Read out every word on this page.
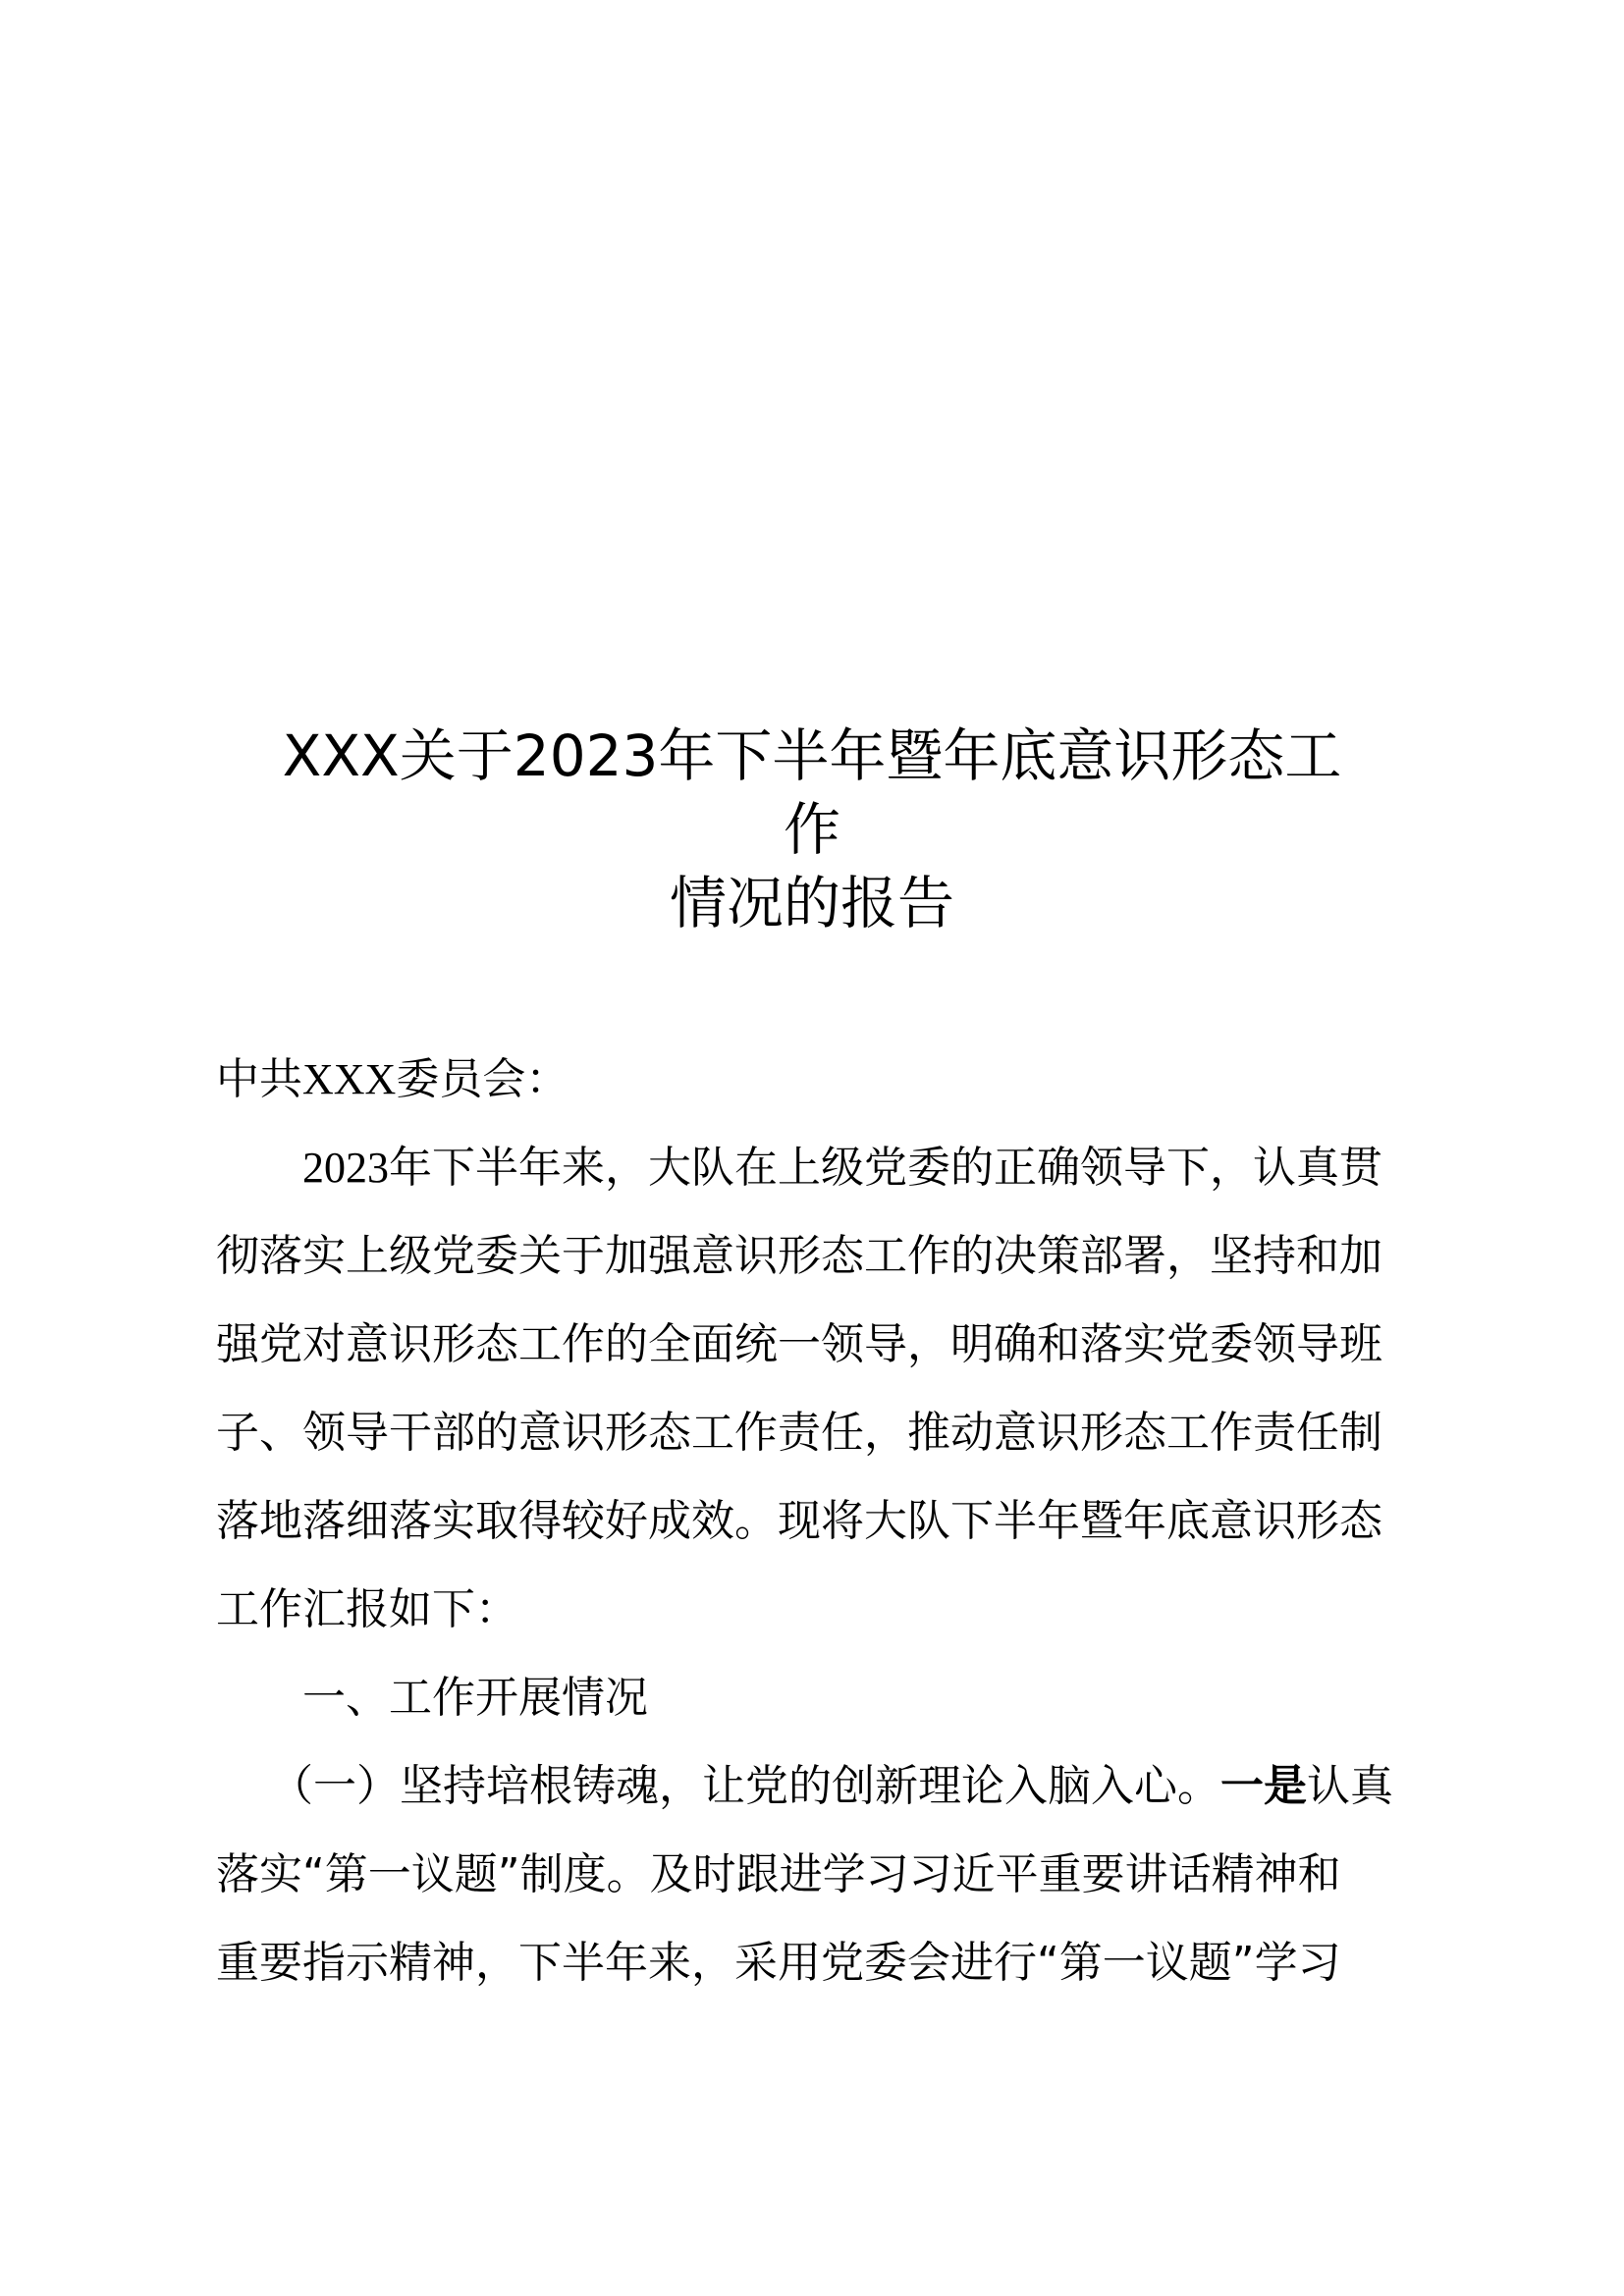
XXX关于2023年下半年暨年底意识形态工
作
情况的报告
中共XXX委员会：
2023年下半年来，大队在上级党委的正确领导下，认真贯
彻落实上级党委关于加强意识形态工作的决策部署，坚持和加
强党对意识形态工作的全面统一领导，明确和落实党委领导班
子、领导干部的意识形态工作责任，推动意识形态工作责任制
落地落细落实取得较好成效。现将大队下半年暨年底意识形态
工作汇报如下：
一、工作开展情况
（一）坚持培根铸魂，让党的创新理论入脑入心。一是认真
落实“第一议题”制度。及时跟进学习习近平重要讲话精神和
重要指示精神，下半年来，采用党委会进行“第一议题”学习
